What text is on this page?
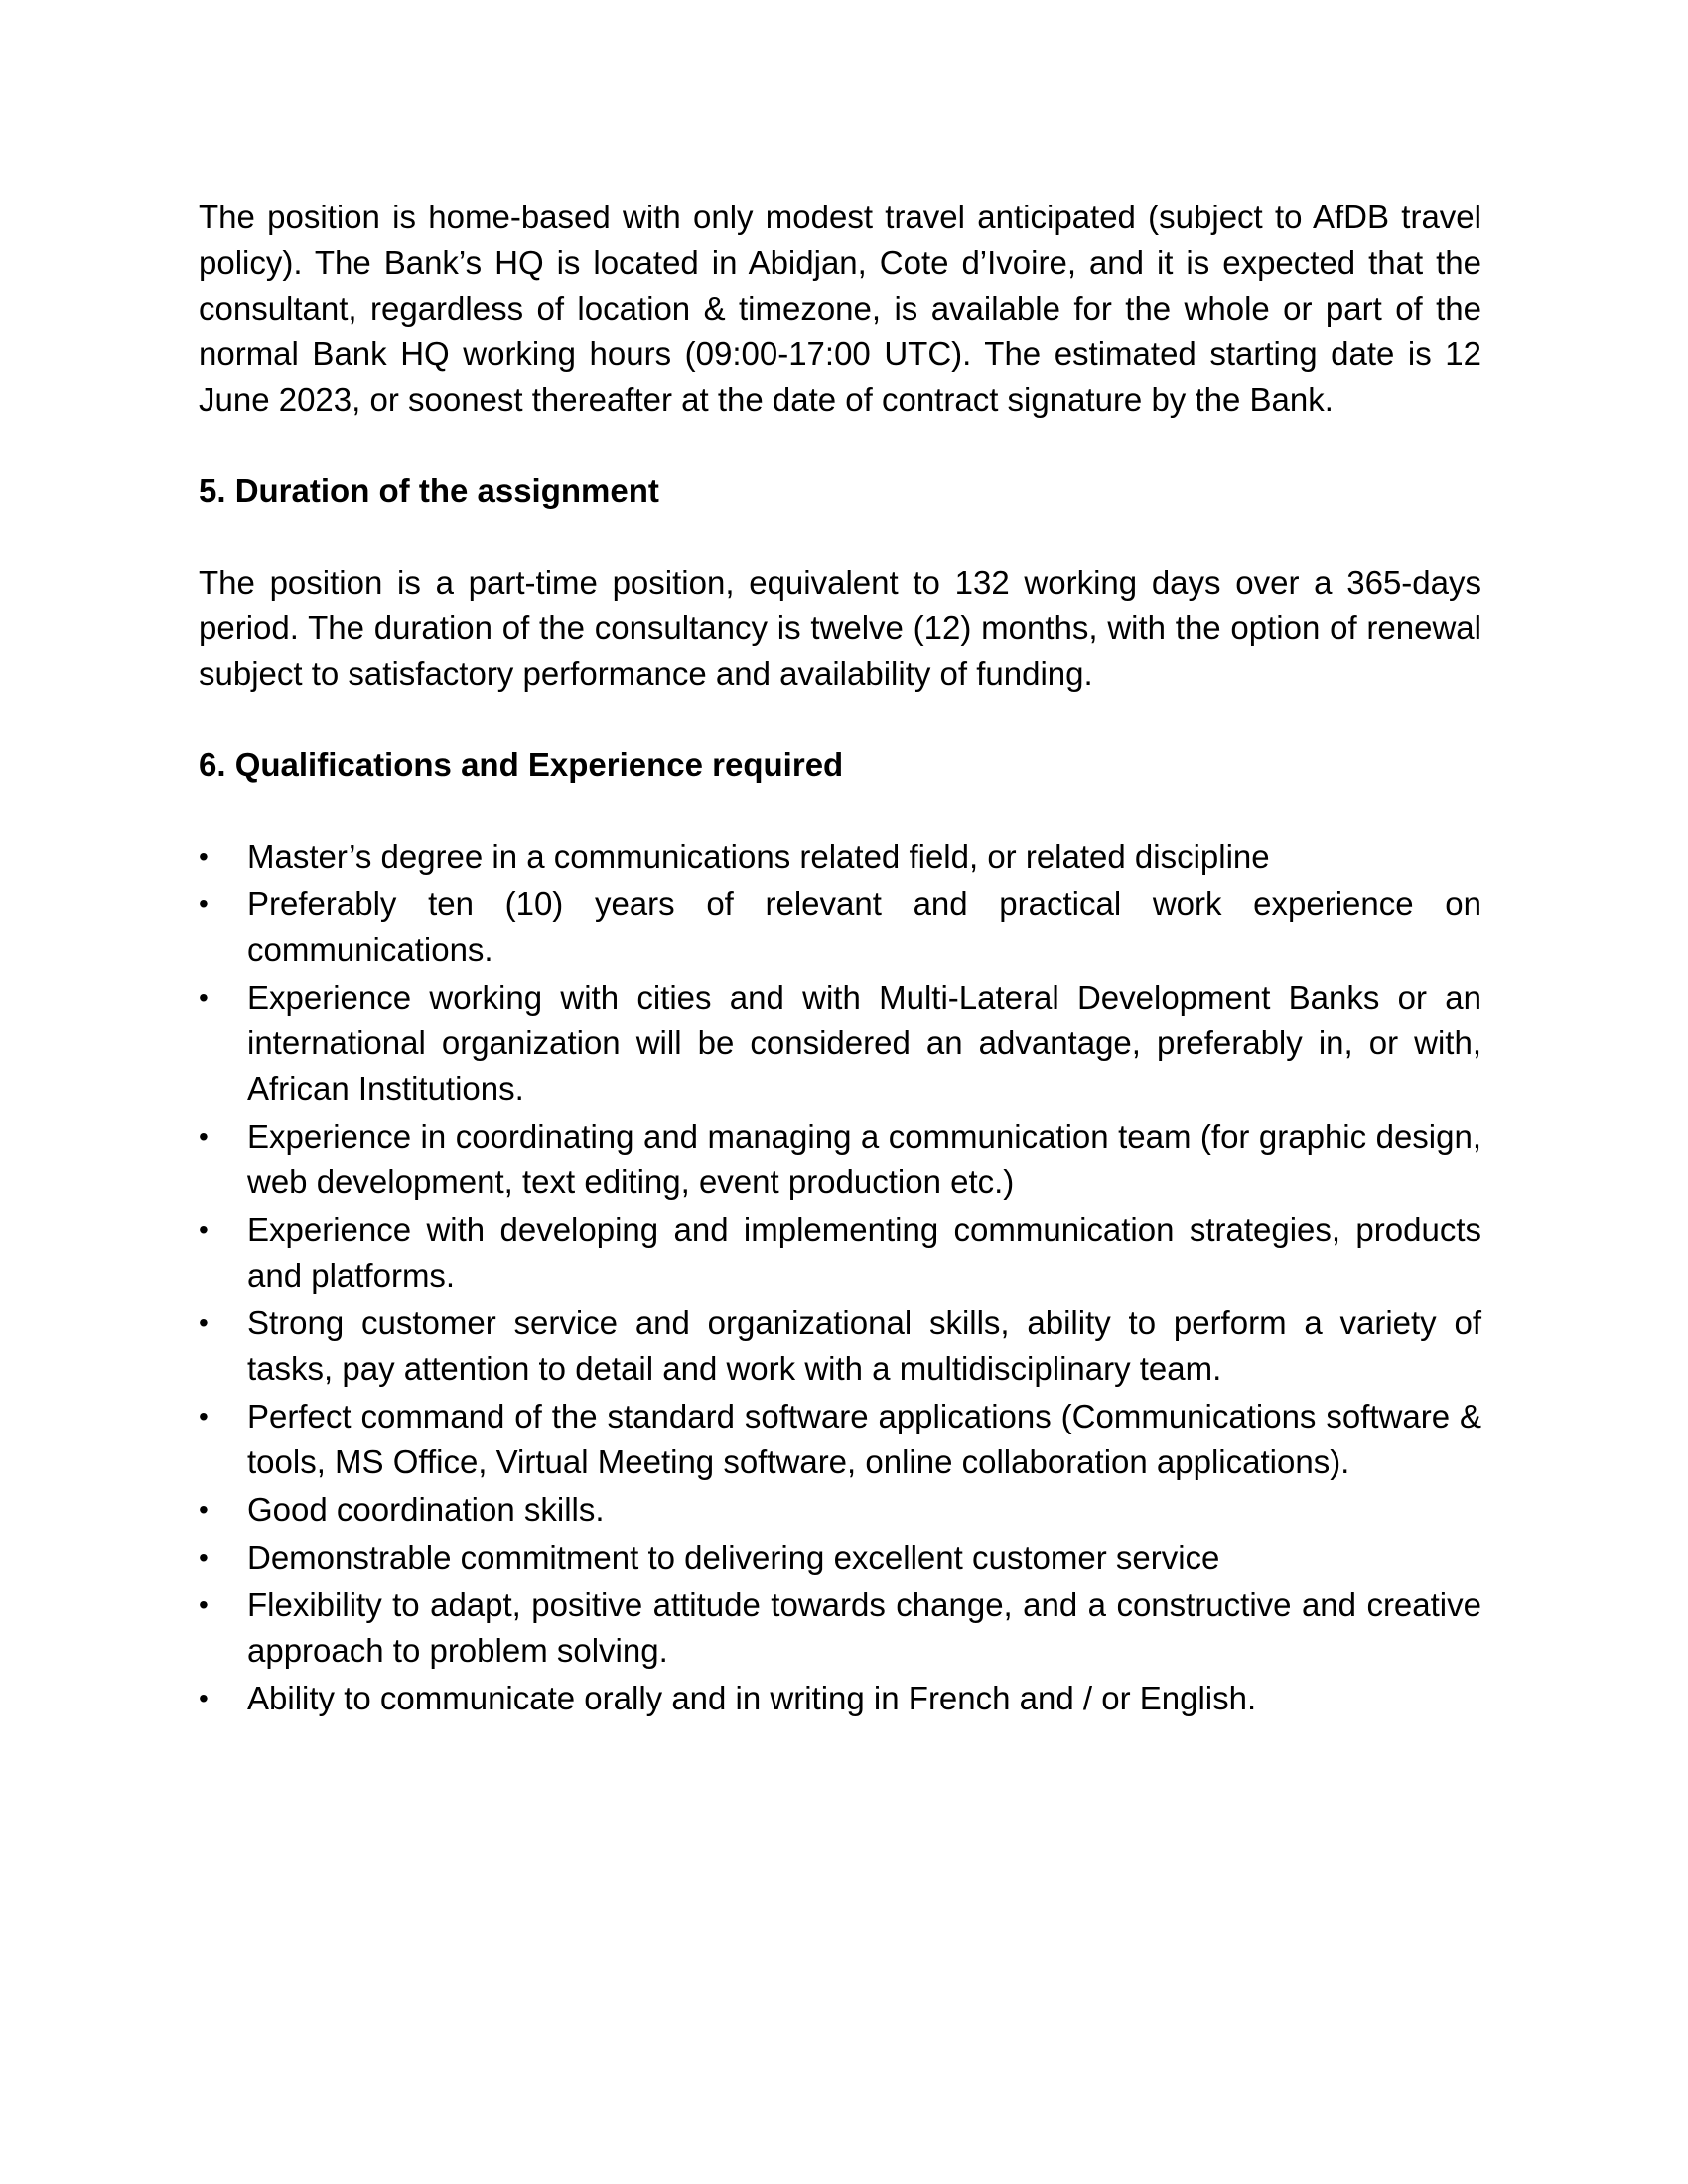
The position is home-based with only modest travel anticipated (subject to AfDB travel policy). The Bank’s HQ is located in Abidjan, Cote d’Ivoire, and it is expected that the consultant, regardless of location & timezone, is available for the whole or part of the normal Bank HQ working hours (09:00-17:00 UTC). The estimated starting date is 12 June 2023, or soonest thereafter at the date of contract signature by the Bank.

5. Duration of the assignment

The position is a part-time position, equivalent to 132 working days over a 365-days period. The duration of the consultancy is twelve (12) months, with the option of renewal subject to satisfactory performance and availability of funding.

6. Qualifications and Experience required
•	Master’s degree in a communications related field, or related discipline
•	Preferably ten (10) years of relevant and practical work experience on communications.
•	Experience working with cities and with Multi-Lateral Development Banks or an international organization will be considered an advantage, preferably in, or with, African Institutions.
•	Experience in coordinating and managing a communication team (for graphic design, web development, text editing, event production etc.)
•	Experience with developing and implementing communication strategies, products and platforms.
•	Strong customer service and organizational skills, ability to perform a variety of tasks, pay attention to detail and work with a multidisciplinary team.
•	Perfect command of the standard software applications (Communications software & tools, MS Office, Virtual Meeting software, online collaboration applications).
•	Good coordination skills.
•	Demonstrable commitment to delivering excellent customer service
•	Flexibility to adapt, positive attitude towards change, and a constructive and creative approach to problem solving.
•	Ability to communicate orally and in writing in French and / or English.
